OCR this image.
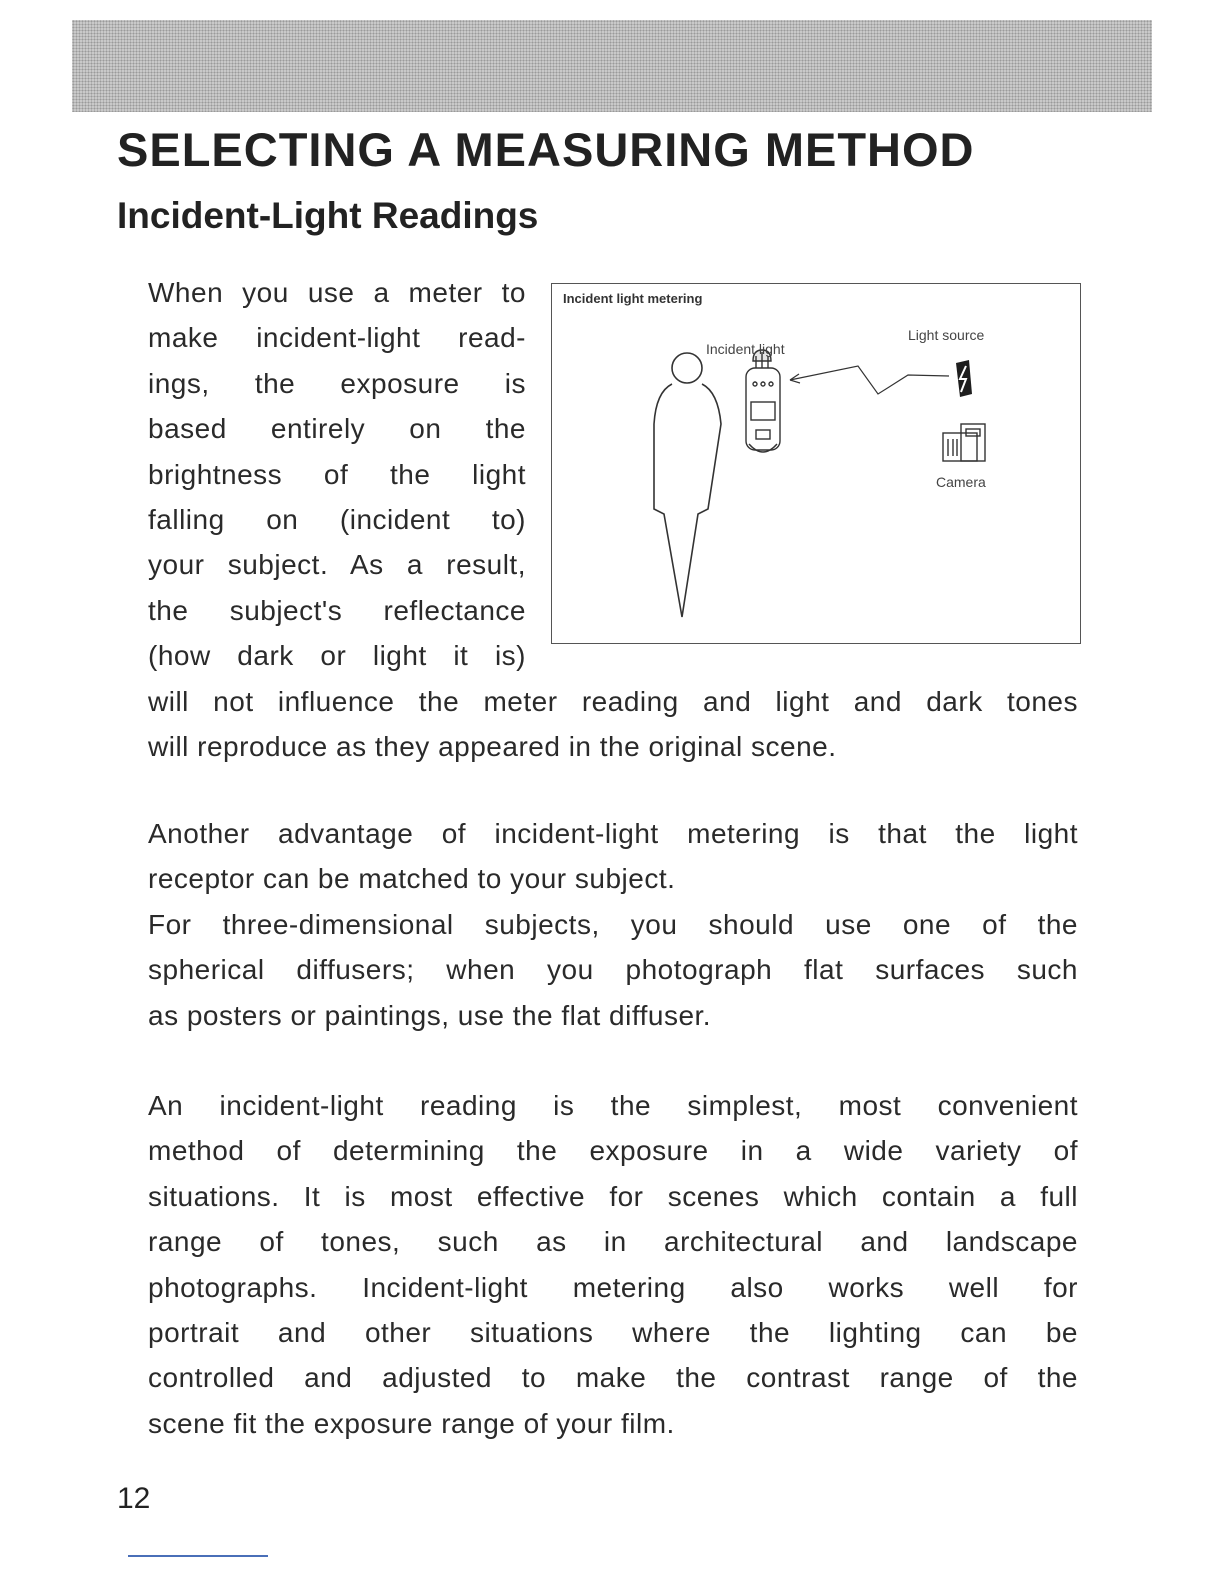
SELECTING A MEASURING METHOD
Incident-Light Readings
When you use a meter to
make incident-light read-
ings, the exposure is
based entirely on the
brightness of the light
falling on (incident to)
your subject. As a result,
the subject's reflectance
(how dark or light it is)
Incident light metering
Incident light
Light source
Camera
will not influence the meter reading and light and dark tones
will reproduce as they appeared in the original scene.
Another advantage of incident-light metering is that the light
receptor can be matched to your subject.
For three-dimensional subjects, you should use one of the
spherical diffusers; when you photograph flat surfaces such
as posters or paintings, use the flat diffuser.
An incident-light reading is the simplest, most convenient
method of determining the exposure in a wide variety of
situations. It is most effective for scenes which contain a full
range of tones, such as in architectural and landscape
photographs. Incident-light metering also works well for
portrait and other situations where the lighting can be
controlled and adjusted to make the contrast range of the
scene fit the exposure range of your film.
12
